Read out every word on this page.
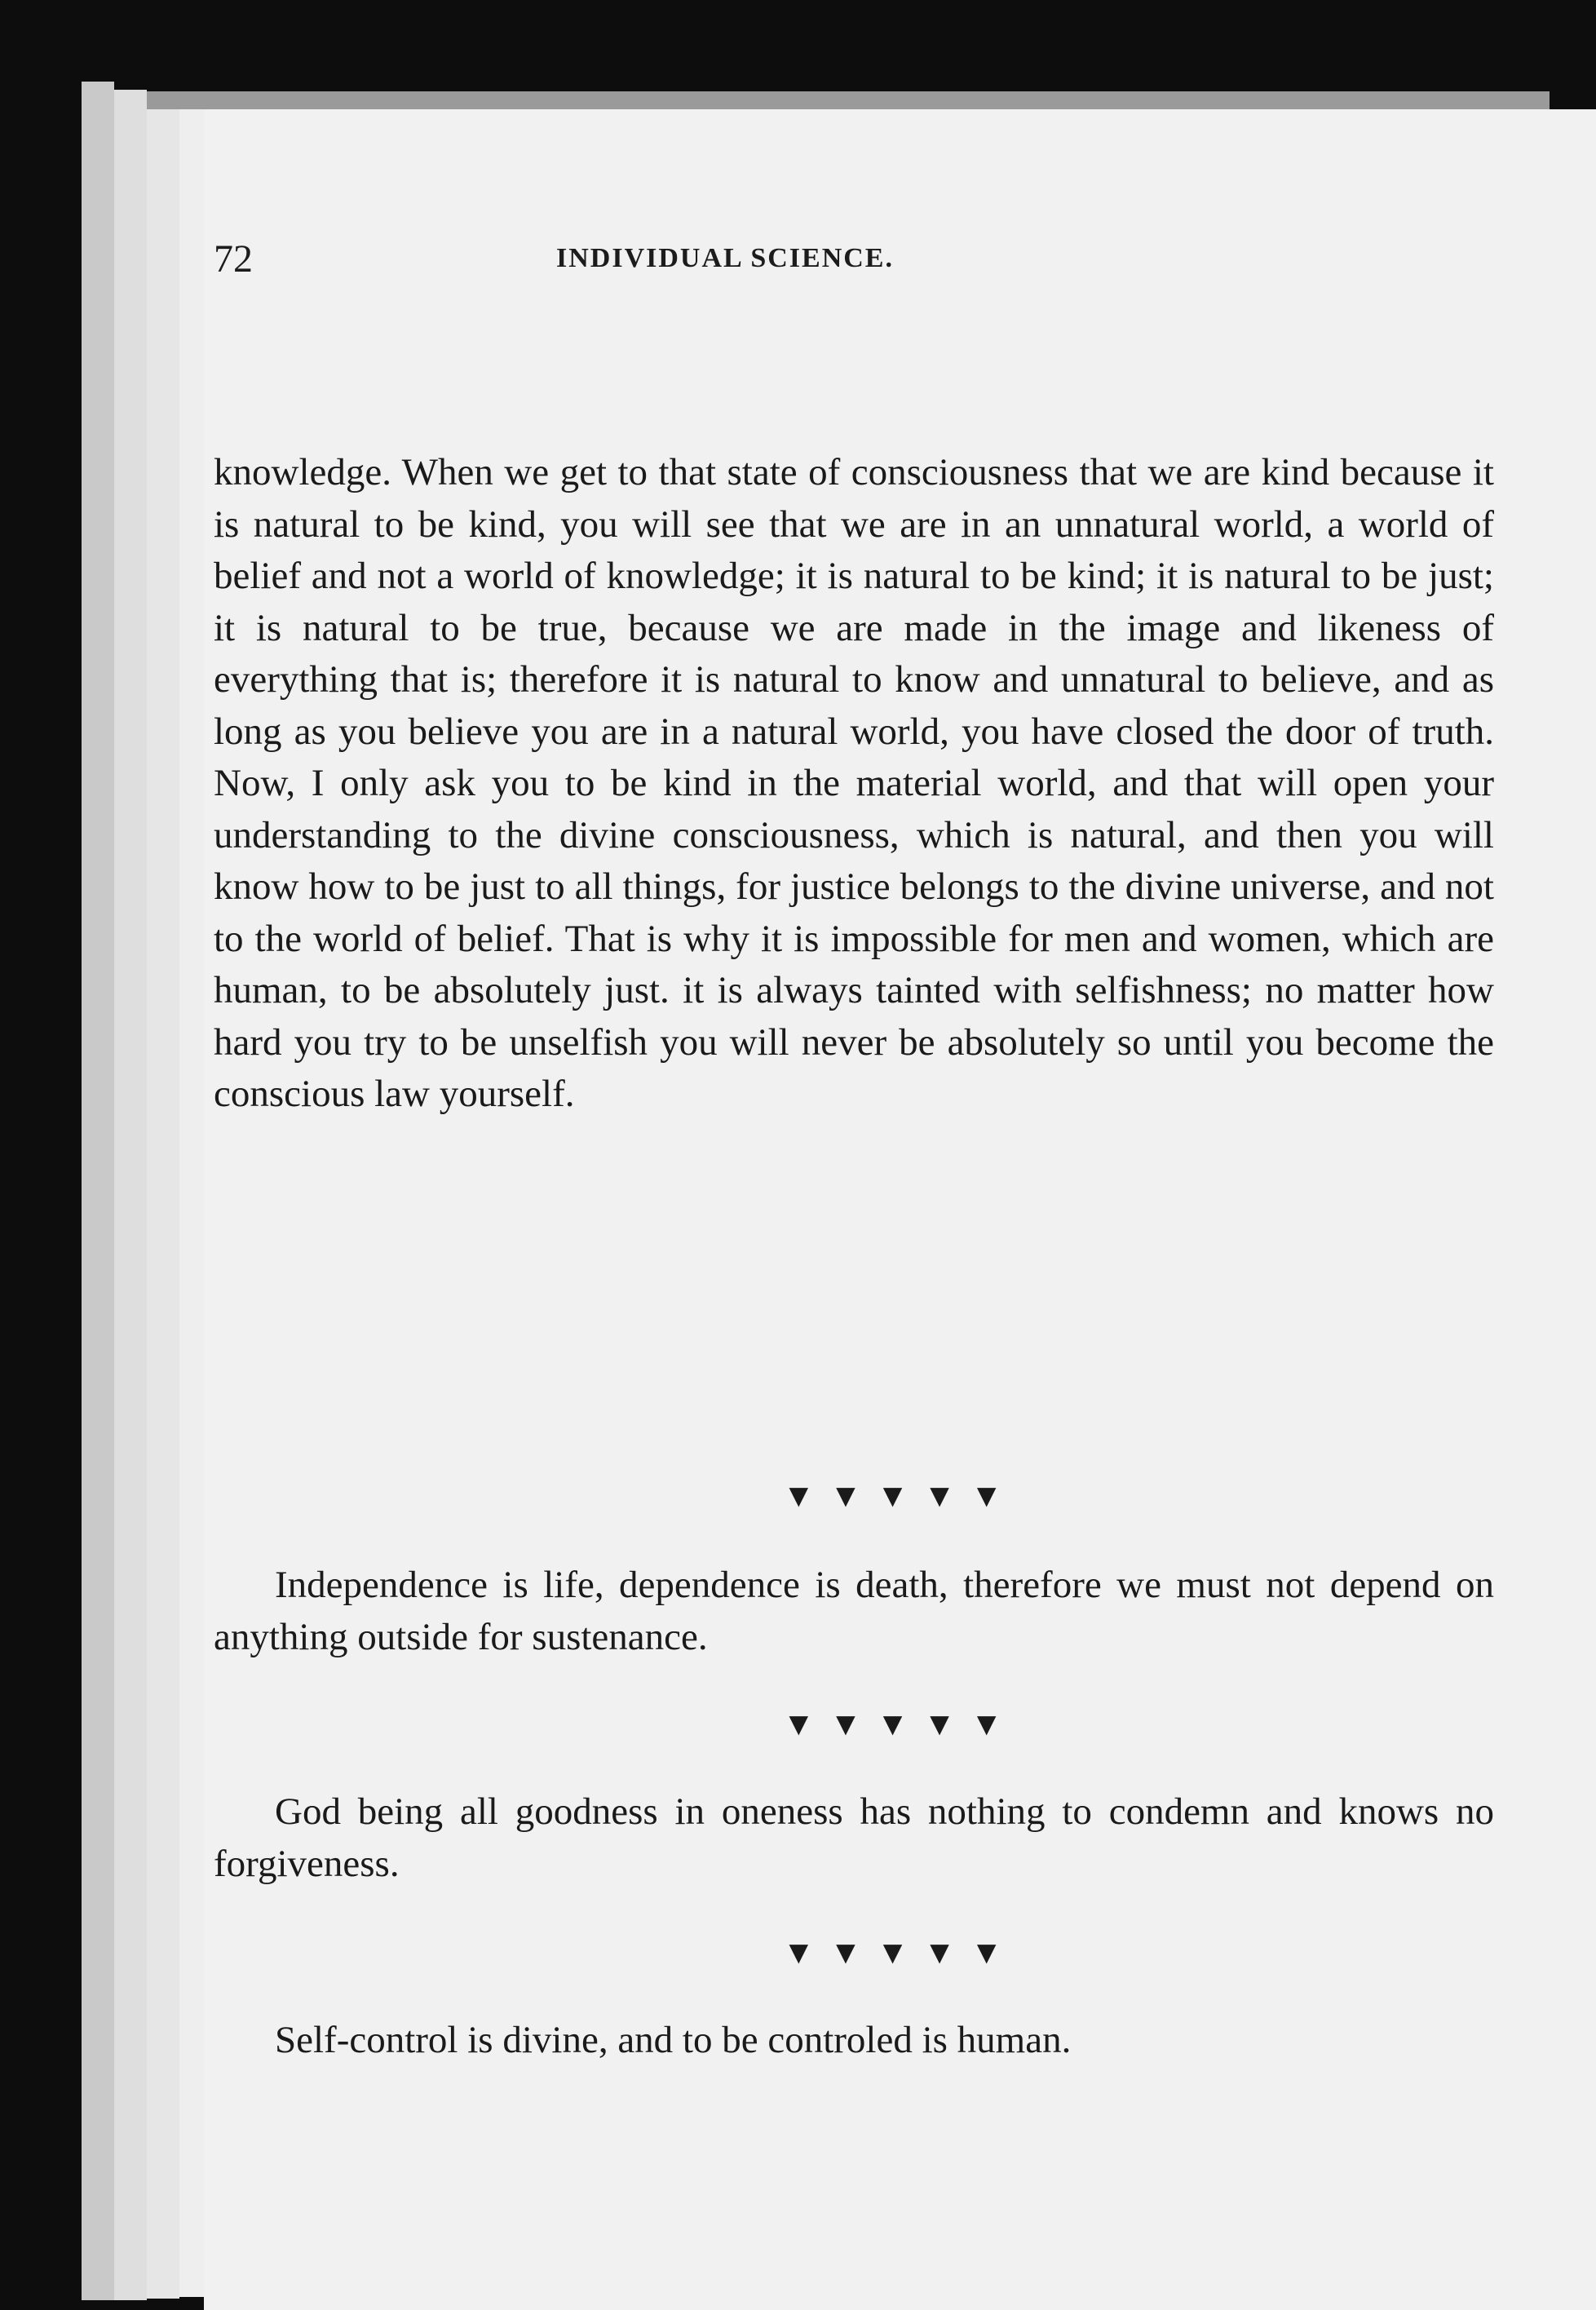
72	INDIVIDUAL SCIENCE.
knowledge. When we get to that state of consciousness that we are kind because it is natural to be kind, you will see that we are in an unnatural world, a world of belief and not a world of knowledge; it is natural to be kind; it is natural to be just; it is natural to be true, because we are made in the image and likeness of everything that is; therefore it is natural to know and unnatural to believe, and as long as you believe you are in a natural world, you have closed the door of truth. Now, I only ask you to be kind in the material world, and that will open your understanding to the divine consciousness, which is natural, and then you will know how to be just to all things, for justice belongs to the divine universe, and not to the world of belief. That is why it is impossible for men and women, which are human, to be absolutely just. it is always tainted with selfishness; no matter how hard you try to be unselfish you will never be absolutely so until you become the conscious law yourself.
▼▼▼▼▼
Independence is life, dependence is death, therefore we must not depend on anything outside for sustenance.
▼▼▼▼▼
God being all goodness in oneness has nothing to condemn and knows no forgiveness.
▼▼▼▼▼
Self-control is divine, and to be controled is human.
